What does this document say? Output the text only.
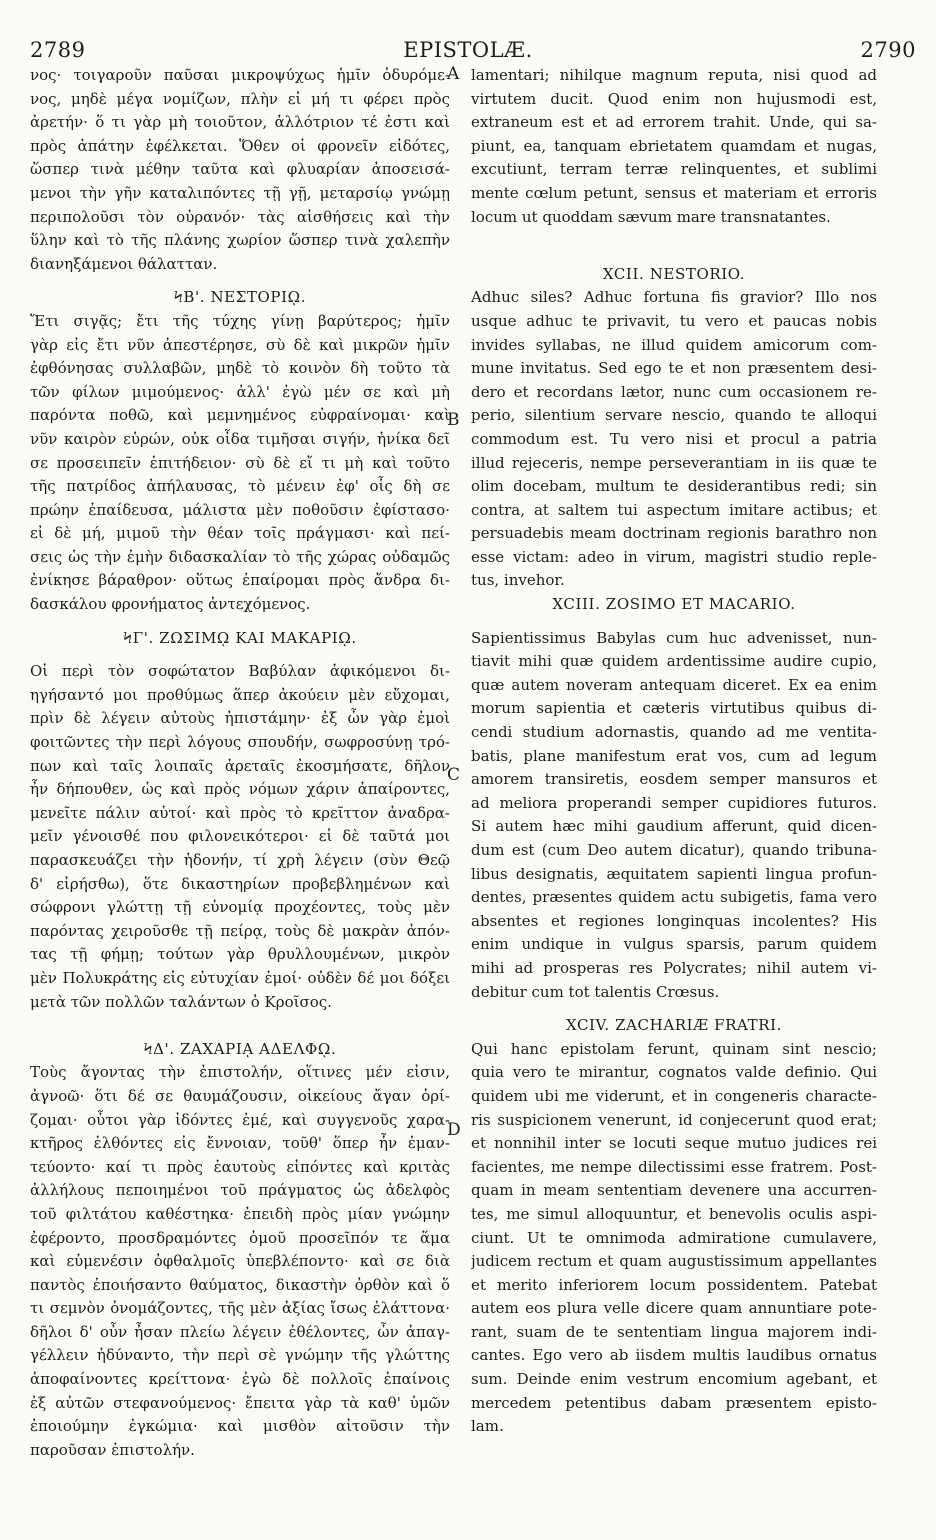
2789	EPISTOLÆ.	2790
νος· τοιγαροῦν παῦσαι μικροψύχως ἡμῖν ὀδυρόμε-
νος, μηδὲ μέγα νομίζων, πλὴν εἰ μή τι φέρει πρὸς
ἀρετήν· ὅ τι γὰρ μὴ τοιοῦτον, ἀλλότριον τέ ἐστι καὶ
πρὸς ἀπάτην ἐφέλκεται. Ὅθεν οἱ φρονεῖν εἰδότες,
ὥσπερ τινὰ μέθην ταῦτα καὶ φλυαρίαν ἀποσεισά-
μενοι τὴν γῆν καταλιπόντες τῇ γῇ, μεταρσίῳ γνώμῃ
περιπολοῦσι τὸν οὐρανόν· τὰς αἰσθήσεις καὶ τὴν
ὕλην καὶ τὸ τῆς πλάνης χωρίον ὥσπερ τινὰ χαλεπὴν
διανηξάμενοι θάλατταν.
ϞΒ'. ΝΕΣΤΟΡΙῼ.
Ἔτι σιγᾷς; ἔτι τῆς τύχης γίνῃ βαρύτερος; ἡμῖν
γὰρ εἰς ἔτι νῦν ἀπεστέρησε, σὺ δὲ καὶ μικρῶν ἡμῖν
ἐφθόνησας συλλαβῶν, μηδὲ τὸ κοινὸν δὴ τοῦτο τὰ
τῶν φίλων μιμούμενος· ἀλλ' ἐγὼ μέν σε καὶ μὴ
παρόντα ποθῶ, καὶ μεμνημένος εὐφραίνομαι· καὶ
νῦν καιρὸν εὑρών, οὐκ οἶδα τιμῆσαι σιγήν, ἡνίκα δεῖ
σε προσειπεῖν ἐπιτήδειον· σὺ δὲ εἴ τι μὴ καὶ τοῦτο
τῆς πατρίδος ἀπήλαυσας, τὸ μένειν ἐφ' οἷς δὴ σε
πρώην ἐπαίδευσα, μάλιστα μὲν ποθοῦσιν ἐφίστασο·
εἰ δὲ μή, μιμοῦ τὴν θέαν τοῖς πράγμασι· καὶ πεί-
σεις ὡς τὴν ἐμὴν διδασκαλίαν τὸ τῆς χώρας οὐδαμῶς
ἐνίκησε βάραθρον· οὕτως ἐπαίρομαι πρὸς ἄνδρα δι-
δασκάλου φρονήματος ἀντεχόμενος.
ϞΓ'. ΖΩΣΙΜῼ ΚΑΙ ΜΑΚΑΡΙῼ.
Οἱ περὶ τὸν σοφώτατον Βαβύλαν ἀφικόμενοι δι-
ηγήσαντό μοι προθύμως ἅπερ ἀκούειν μὲν εὔχομαι,
πρὶν δὲ λέγειν αὐτοὺς ἠπιστάμην· ἐξ ὧν γὰρ ἐμοὶ
φοιτῶντες τὴν περὶ λόγους σπουδήν, σωφροσύνῃ τρό-
πων καὶ ταῖς λοιπαῖς ἀρεταῖς ἐκοσμήσατε, δῆλον
ἦν δήπουθεν, ὡς καὶ πρὸς νόμων χάριν ἀπαίροντες,
μενεῖτε πάλιν αὐτοί· καὶ πρὸς τὸ κρεῖττον ἀναδρα-
μεῖν γένοισθέ που φιλονεικότεροι· εἰ δὲ ταῦτά μοι
παρασκευάζει τὴν ἡδονήν, τί χρὴ λέγειν (σὺν Θεῷ
δ' εἰρήσθω), ὅτε δικαστηρίων προβεβλημένων καὶ
σώφρονι γλώττῃ τῇ εὐνομίᾳ προχέοντες, τοὺς μὲν
παρόντας χειροῦσθε τῇ πείρᾳ, τοὺς δὲ μακρὰν ἀπόν-
τας τῇ φήμῃ; τούτων γὰρ θρυλλουμένων, μικρὸν
μὲν Πολυκράτης εἰς εὐτυχίαν ἐμοί· οὐδὲν δέ μοι δόξει
μετὰ τῶν πολλῶν ταλάντων ὁ Κροῖσος.
ϞΔ'. ΖΑΧΑΡΙᾼ ΑΔΕΛΦῼ.
Τοὺς ἄγοντας τὴν ἐπιστολήν, οἵτινες μέν εἰσιν,
ἀγνοῶ· ὅτι δέ σε θαυμάζουσιν, οἰκείους ἄγαν ὁρί-
ζομαι· οὗτοι γὰρ ἰδόντες ἐμέ, καὶ συγγενοῦς χαρα-
κτῆρος ἐλθόντες εἰς ἔννοιαν, τοῦθ' ὅπερ ἦν ἐμαν-
τεύοντο· καί τι πρὸς ἑαυτοὺς εἰπόντες καὶ κριτὰς
ἀλλήλους πεποιημένοι τοῦ πράγματος ὡς ἀδελφὸς
τοῦ φιλτάτου καθέστηκα· ἐπειδὴ πρὸς μίαν γνώμην
ἐφέροντο, προσδραμόντες ὁμοῦ προσεῖπόν τε ἅμα
καὶ εὐμενέσιν ὀφθαλμοῖς ὑπεβλέποντο· καὶ σε διὰ
παντὸς ἐποιήσαντο θαύματος, δικαστὴν ὀρθὸν καὶ ὅ
τι σεμνὸν ὀνομάζοντες, τῆς μὲν ἀξίας ἴσως ἐλάττονα·
δῆλοι δ' οὖν ἦσαν πλείω λέγειν ἐθέλοντες, ὧν ἀπαγ-
γέλλειν ἠδύναντο, τὴν περὶ σὲ γνώμην τῆς γλώττης
ἀποφαίνοντες κρείττονα· ἐγὼ δὲ πολλοῖς ἐπαίνοις
ἐξ αὐτῶν στεφανούμενος· ἔπειτα γὰρ τὰ καθ' ὑμῶν
ἐποιούμην ἐγκώμια· καὶ μισθὸν αἰτοῦσιν τὴν
παροῦσαν ἐπιστολήν.
lamentari; nihilque magnum reputa, nisi quod ad
virtutem ducit. Quod enim non hujusmodi est,
extraneum est et ad errorem trahit. Unde, qui sa-
piunt, ea, tanquam ebrietatem quamdam et nugas,
excutiunt, terram terræ relinquentes, et sublimi
mente cœlum petunt, sensus et materiam et erroris
locum ut quoddam sævum mare transnatantes.
XCII. NESTORIO.
Adhuc siles? Adhuc fortuna fis gravior? Illo nos
usque adhuc te privavit, tu vero et paucas nobis
invides syllabas, ne illud quidem amicorum com-
mune invitatus. Sed ego te et non præsentem desi-
dero et recordans lætor, nunc cum occasionem re-
perio, silentium servare nescio, quando te alloqui
commodum est. Tu vero nisi et procul a patria
illud rejeceris, nempe perseverantiam in iis quæ te
olim docebam, multum te desiderantibus redi; sin
contra, at saltem tui aspectum imitare actibus; et
persuadebis meam doctrinam regionis barathro non
esse victam: adeo in virum, magistri studio reple-
tus, invehor.
XCIII. ZOSIMO ET MACARIO.
Sapientissimus Babylas cum huc advenisset, nun-
tiavit mihi quæ quidem ardentissime audire cupio,
quæ autem noveram antequam diceret. Ex ea enim
morum sapientia et cæteris virtutibus quibus di-
cendi studium adornastis, quando ad me ventita-
batis, plane manifestum erat vos, cum ad legum
amorem transiretis, eosdem semper mansuros et
ad meliora properandi semper cupidiores futuros.
Si autem hæc mihi gaudium afferunt, quid dicen-
dum est (cum Deo autem dicatur), quando tribuna-
libus designatis, æquitatem sapienti lingua profun-
dentes, præsentes quidem actu subigetis, fama vero
absentes et regiones longinquas incolentes? His
enim undique in vulgus sparsis, parum quidem
mihi ad prosperas res Polycrates; nihil autem vi-
debitur cum tot talentis Crœsus.
XCIV. ZACHARIÆ FRATRI.
Qui hanc epistolam ferunt, quinam sint nescio;
quia vero te mirantur, cognatos valde definio. Qui
quidem ubi me viderunt, et in congeneris characte-
ris suspicionem venerunt, id conjecerunt quod erat;
et nonnihil inter se locuti seque mutuo judices rei
facientes, me nempe dilectissimi esse fratrem. Post-
quam in meam sententiam devenere una accurren-
tes, me simul alloquuntur, et benevolis oculis aspi-
ciunt. Ut te omnimoda admiratione cumulavere,
judicem rectum et quam augustissimum appellantes
et merito inferiorem locum possidentem. Patebat
autem eos plura velle dicere quam annuntiare pote-
rant, suam de te sententiam lingua majorem indi-
cantes. Ego vero ab iisdem multis laudibus ornatus
sum. Deinde enim vestrum encomium agebant, et
mercedem petentibus dabam præsentem episto-
lam.
A
B
C
D
